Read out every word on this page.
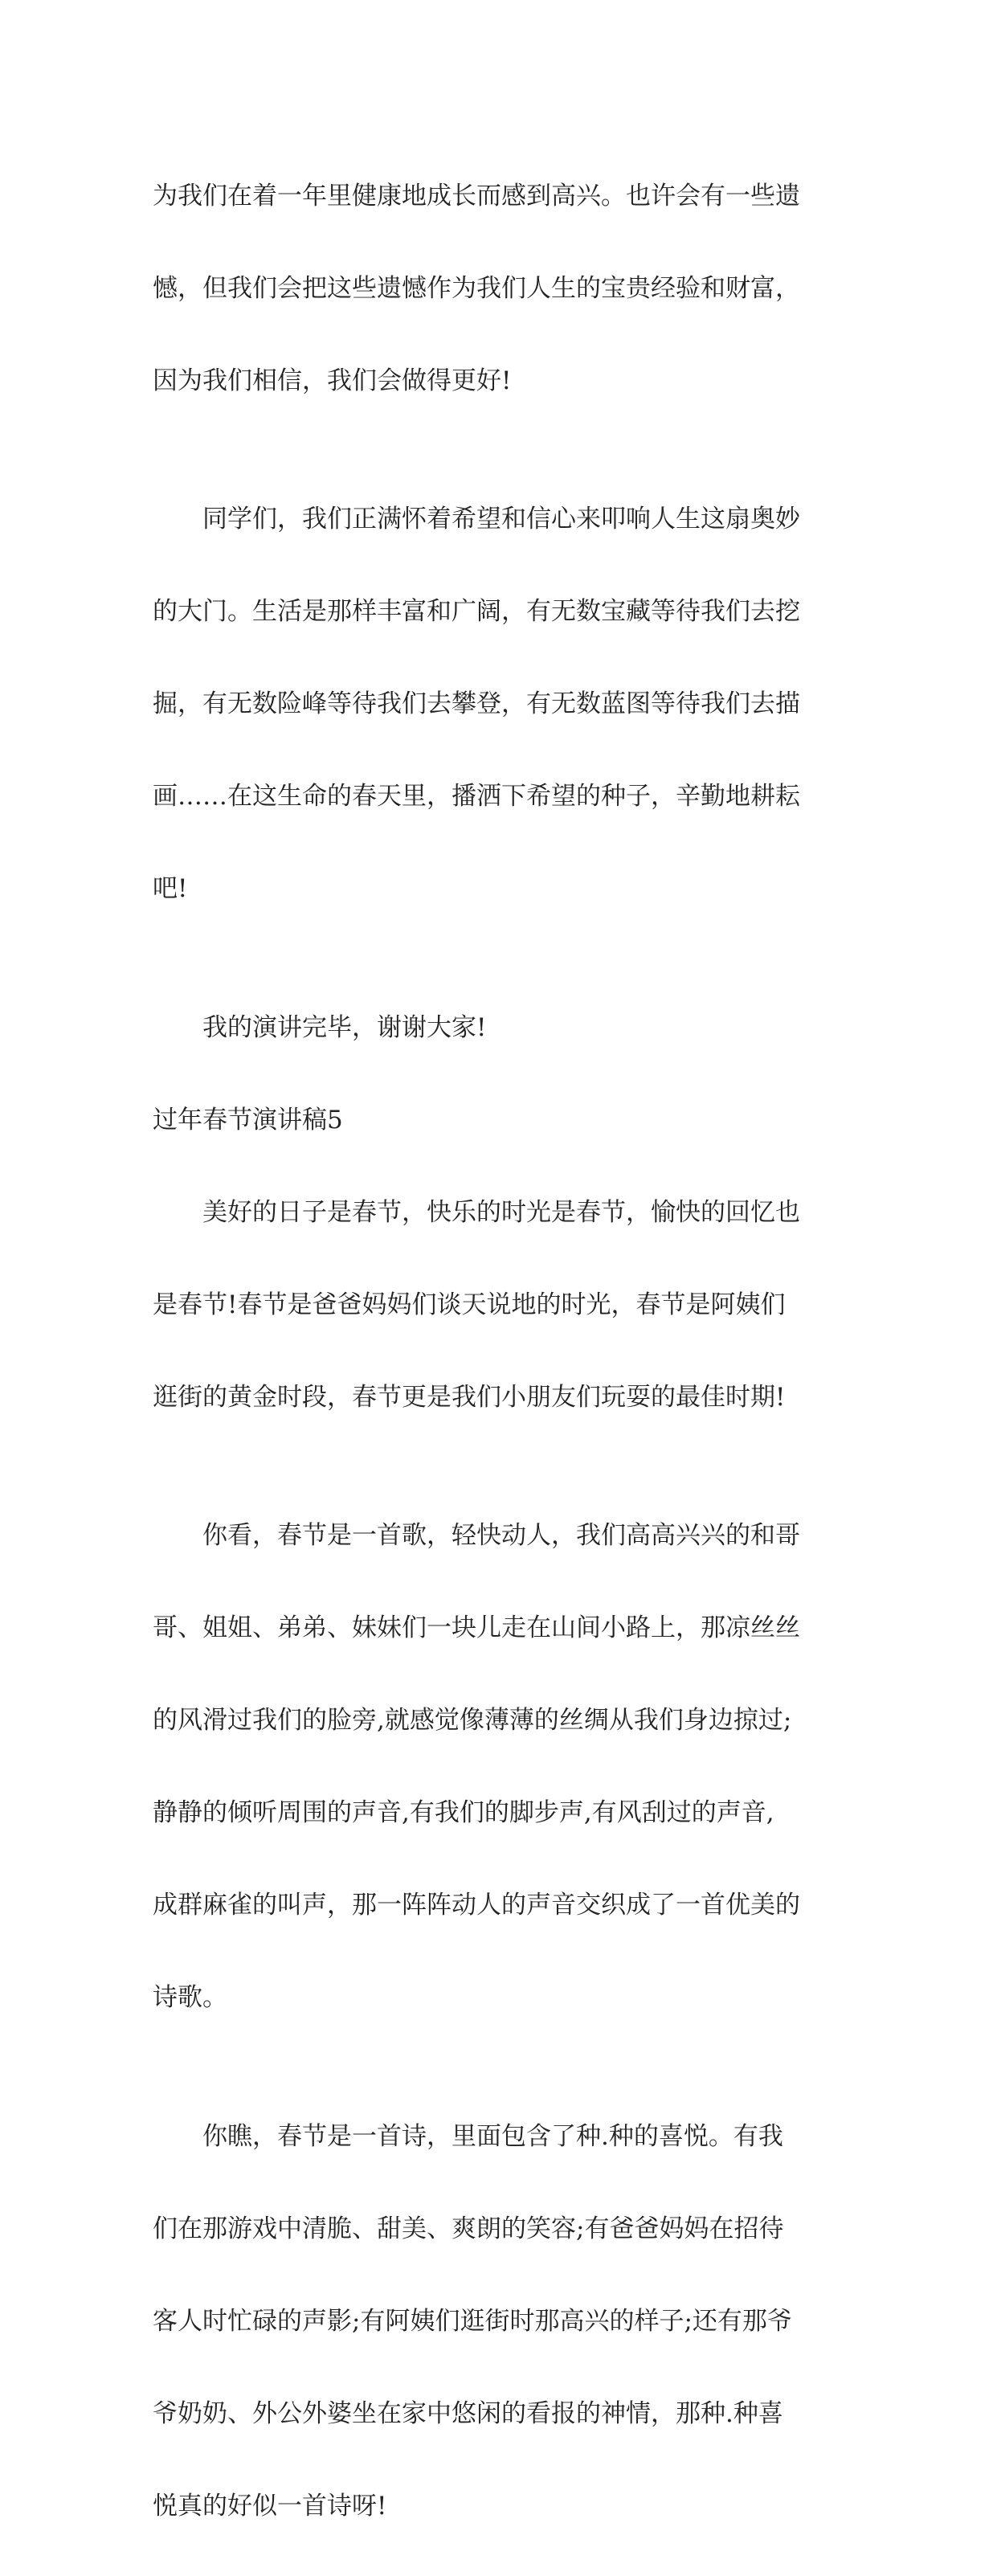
为我们在着一年里健康地成长而感到高兴。也许会有一些遗

憾，但我们会把这些遗憾作为我们人生的宝贵经验和财富，

因为我们相信，我们会做得更好!

同学们，我们正满怀着希望和信心来叩响人生这扇奥妙

的大门。生活是那样丰富和广阔，有无数宝藏等待我们去挖

掘，有无数险峰等待我们去攀登，有无数蓝图等待我们去描

画……在这生命的春天里，播洒下希望的种子，辛勤地耕耘

吧!

我的演讲完毕，谢谢大家!

过年春节演讲稿5

美好的日子是春节，快乐的时光是春节，愉快的回忆也

是春节!春节是爸爸妈妈们谈天说地的时光，春节是阿姨们

逛街的黄金时段，春节更是我们小朋友们玩耍的最佳时期!

你看，春节是一首歌，轻快动人，我们高高兴兴的和哥

哥、姐姐、弟弟、妹妹们一块儿走在山间小路上，那凉丝丝

的风滑过我们的脸旁,就感觉像薄薄的丝绸从我们身边掠过;

静静的倾听周围的声音,有我们的脚步声,有风刮过的声音,

成群麻雀的叫声，那一阵阵动人的声音交织成了一首优美的

诗歌。

你瞧，春节是一首诗，里面包含了种.种的喜悦。有我

们在那游戏中清脆、甜美、爽朗的笑容;有爸爸妈妈在招待

客人时忙碌的声影;有阿姨们逛街时那高兴的样子;还有那爷

爷奶奶、外公外婆坐在家中悠闲的看报的神情，那种.种喜

悦真的好似一首诗呀!
